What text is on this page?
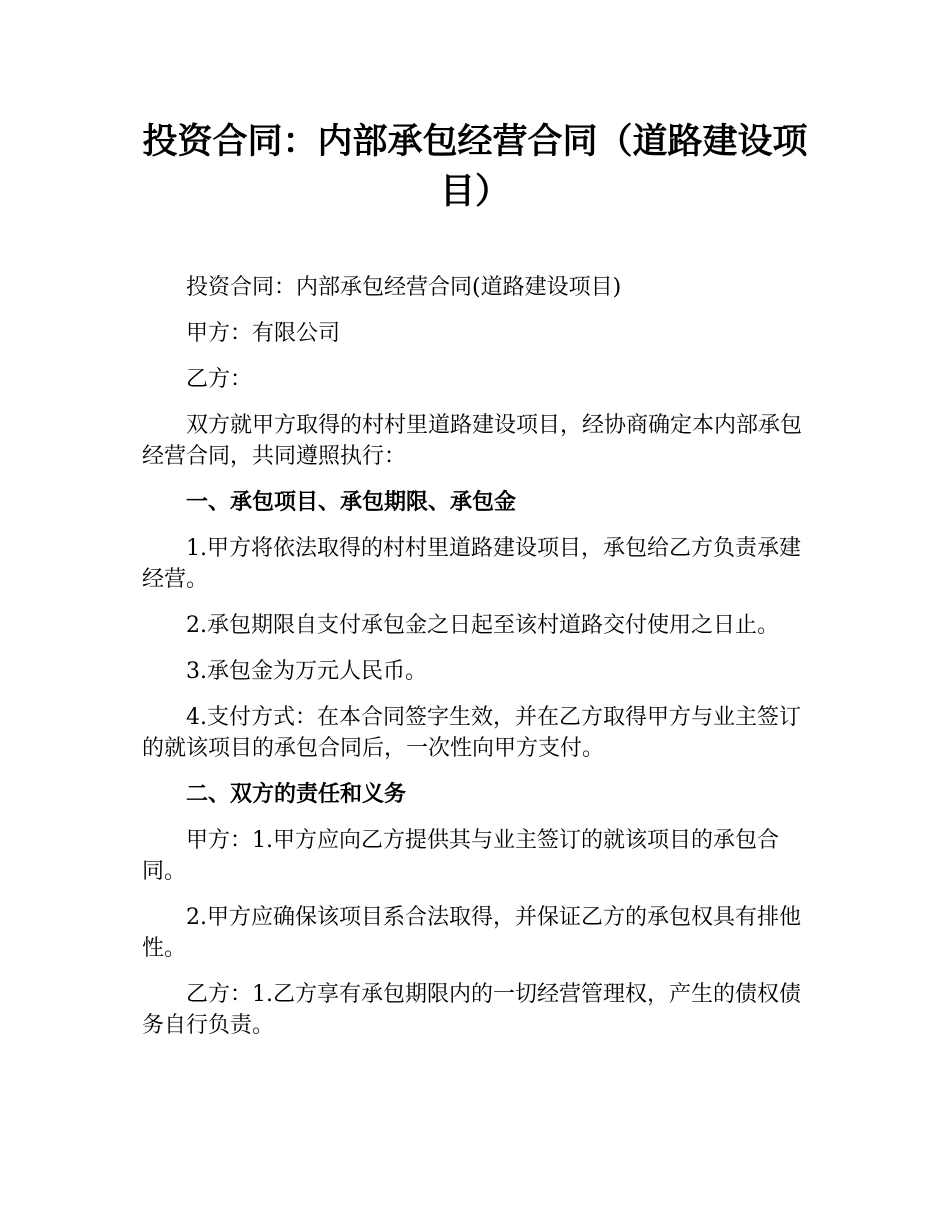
投资合同：内部承包经营合同（道路建设项目）

投资合同：内部承包经营合同(道路建设项目)

甲方：有限公司

乙方：

双方就甲方取得的村村里道路建设项目，经协商确定本内部承包经营合同，共同遵照执行：

一、承包项目、承包期限、承包金

1.甲方将依法取得的村村里道路建设项目，承包给乙方负责承建经营。

2.承包期限自支付承包金之日起至该村道路交付使用之日止。

3.承包金为万元人民币。

4.支付方式：在本合同签字生效，并在乙方取得甲方与业主签订的就该项目的承包合同后，一次性向甲方支付。

二、双方的责任和义务

甲方：1.甲方应向乙方提供其与业主签订的就该项目的承包合同。

2.甲方应确保该项目系合法取得，并保证乙方的承包权具有排他性。

乙方：1.乙方享有承包期限内的一切经营管理权，产生的债权债务自行负责。
